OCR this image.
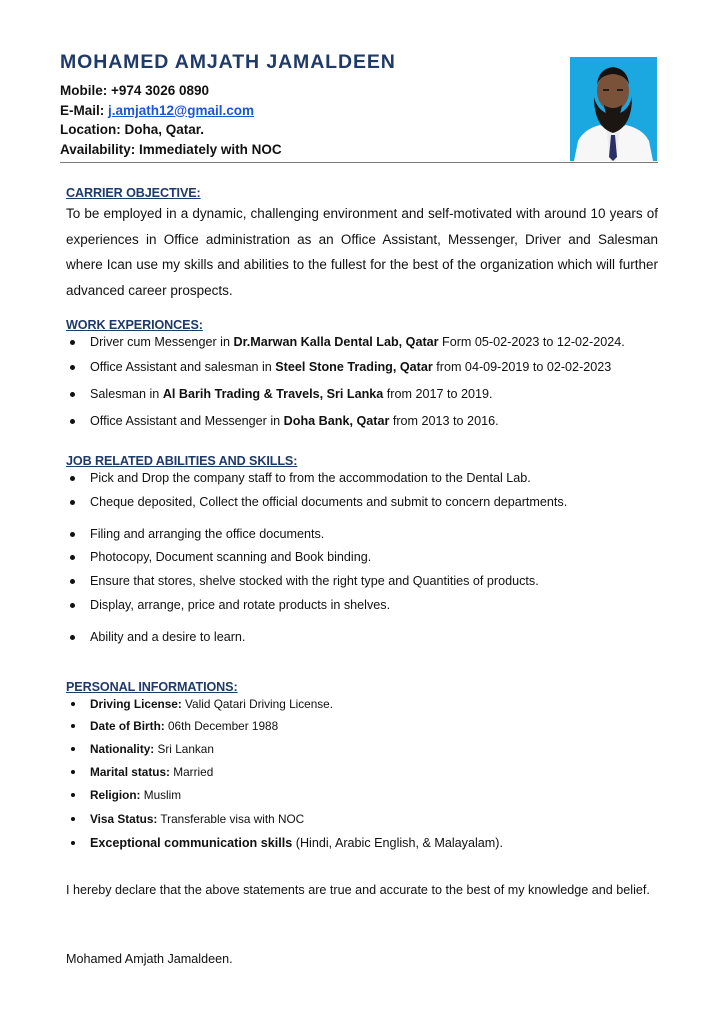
MOHAMED AMJATH JAMALDEEN
Mobile: +974 3026 0890
E-Mail: j.amjath12@gmail.com
Location: Doha, Qatar.
Availability: Immediately with NOC
CARRIER OBJECTIVE:

To be employed in a dynamic, challenging environment and self-motivated with around 10 years of experiences in Office administration as an Office Assistant, Messenger, Driver and Salesman where Ican use my skills and abilities to the fullest for the best of the organization which will further advanced career prospects.

WORK EXPERIONCES:
Driver cum Messenger in Dr.Marwan Kalla Dental Lab, Qatar Form 05-02-2023 to 12-02-2024.
Office Assistant and salesman in Steel Stone Trading, Qatar from 04-09-2019 to 02-02-2023
Salesman in Al Barih Trading & Travels, Sri Lanka from 2017 to 2019.
Office Assistant and Messenger in Doha Bank, Qatar from 2013 to 2016.
JOB RELATED ABILITIES AND SKILLS:
Pick and Drop the company staff to from the accommodation to the Dental Lab.
Cheque deposited, Collect the official documents and submit to concern departments.
Filing and arranging the office documents.
Photocopy, Document scanning and Book binding.
Ensure that stores, shelve stocked with the right type and Quantities of products.
Display, arrange, price and rotate products in shelves.
Ability and a desire to learn.
PERSONAL INFORMATIONS:
Driving License: Valid Qatari Driving License.
Date of Birth: 06th December 1988
Nationality: Sri Lankan
Marital status: Married
Religion: Muslim
Visa Status: Transferable visa with NOC
Exceptional communication skills (Hindi, Arabic English, & Malayalam).

I hereby declare that the above statements are true and accurate to the best of my knowledge and belief.

Mohamed Amjath Jamaldeen.
